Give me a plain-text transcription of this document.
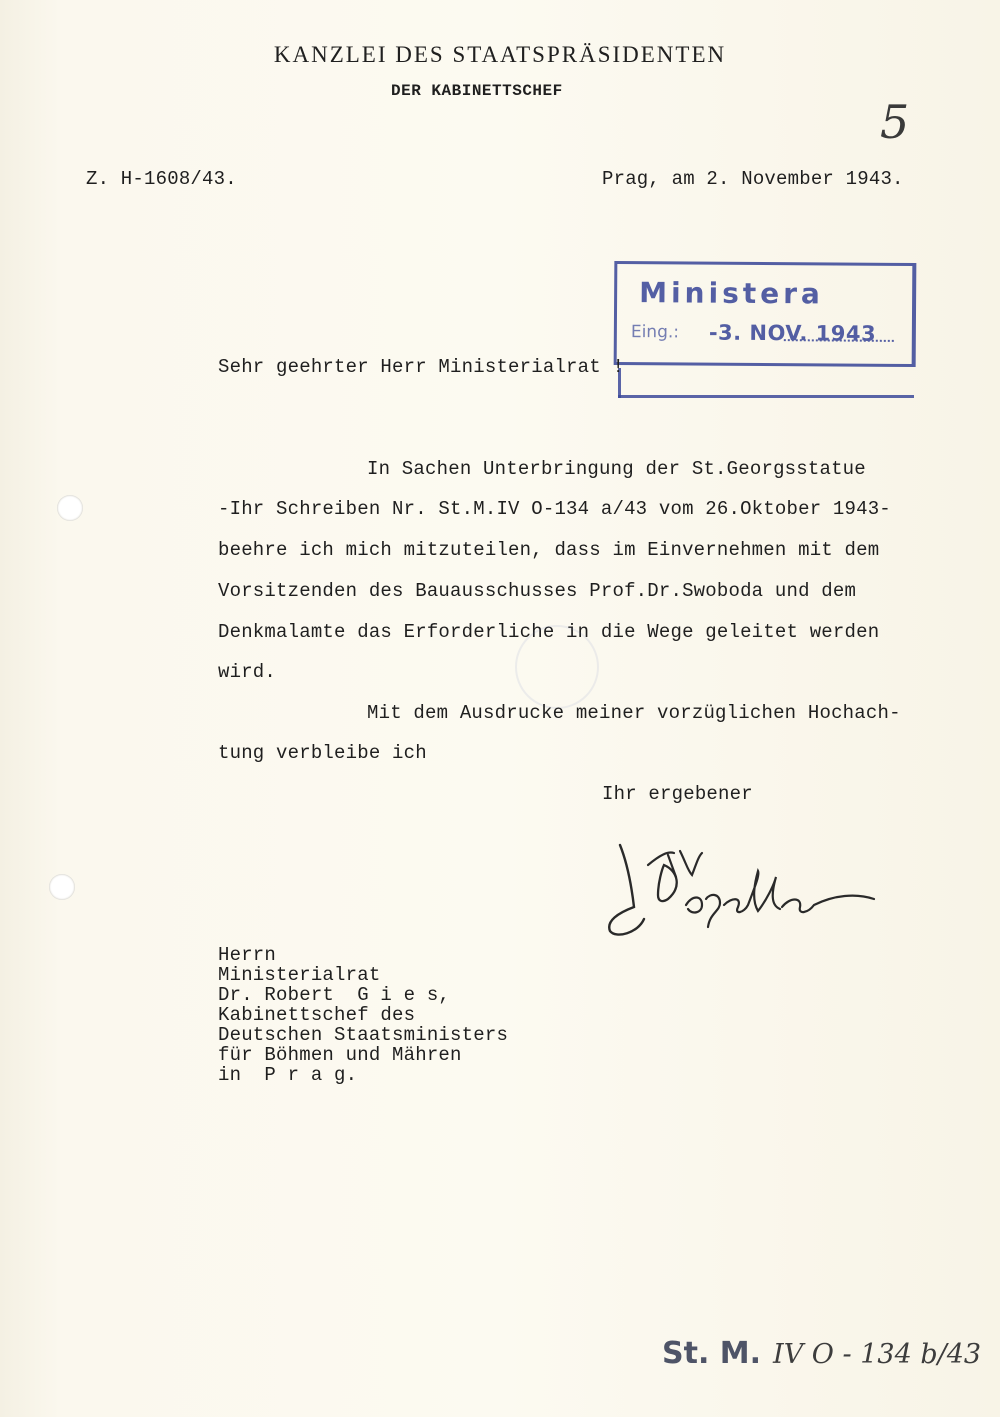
KANZLEI DES STAATSPRÄSIDENTEN
DER KABINETTSCHEF
5
Z. H-1608/43.	Prag, am 2. November 1943.
Ministera
Eing.: -3. NOV. 1943
Sehr geehrter Herr Ministerialrat !
In Sachen Unterbringung der St.Georgsstatue
-Ihr Schreiben Nr. St.M.IV O-134 a/43 vom 26.Oktober 1943-
beehre ich mich mitzuteilen, dass im Einvernehmen mit dem
Vorsitzenden des Bauausschusses Prof.Dr.Swoboda und dem
Denkmalamte das Erforderliche in die Wege geleitet werden
wird.
Mit dem Ausdrucke meiner vorzüglichen Hochach-
tung verbleibe ich
Ihr ergebener
Herrn
Ministerialrat
Dr. Robert  G i e s,
Kabinettschef des
Deutschen Staatsministers
für Böhmen und Mähren
in  P r a g.
St. M. IV O - 134 b/43
